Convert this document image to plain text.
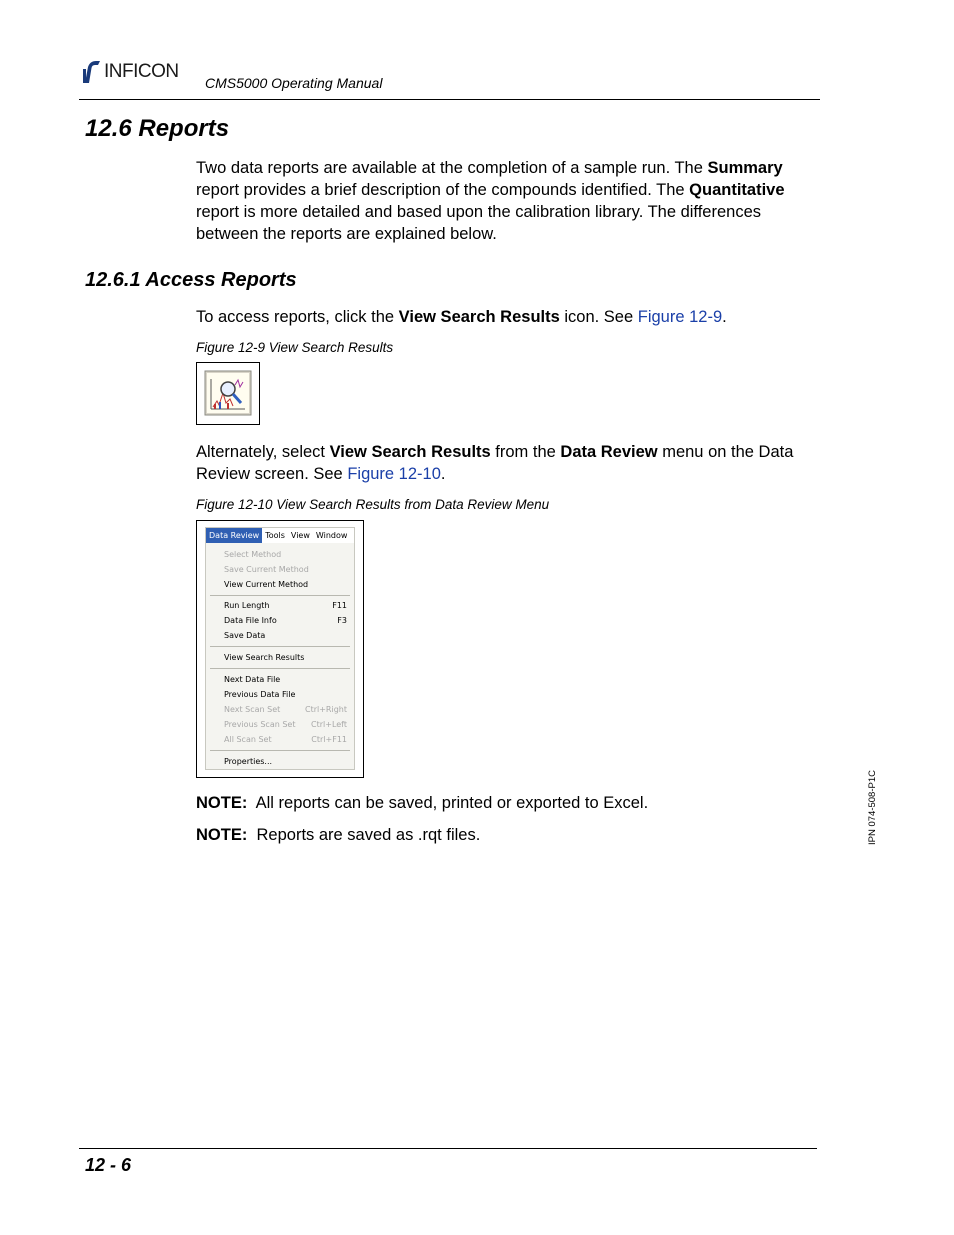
INFICON
CMS5000 Operating Manual
12.6 Reports
Two data reports are available at the completion of a sample run. The Summary report provides a brief description of the compounds identified. The Quantitative report is more detailed and based upon the calibration library. The differences between the reports are explained below.
12.6.1 Access Reports
To access reports, click the View Search Results icon. See Figure 12-9.
Figure 12-9 View Search Results
Alternately, select View Search Results from the Data Review menu on the Data Review screen. See Figure 12-10.
Figure 12-10 View Search Results from Data Review Menu
Data Review Tools View Window
Select Method
Save Current Method
View Current Method
Run Length	F11
Data File Info	F3
Save Data
View Search Results
Next Data File
Previous Data File
Next Scan Set	Ctrl+Right
Previous Scan Set Ctrl+Left
All Scan Set	Ctrl+F11
Properties...
NOTE: All reports can be saved, printed or exported to Excel.
NOTE: Reports are saved as .rqt files.	IPN 074-508-P1C
12 - 6
